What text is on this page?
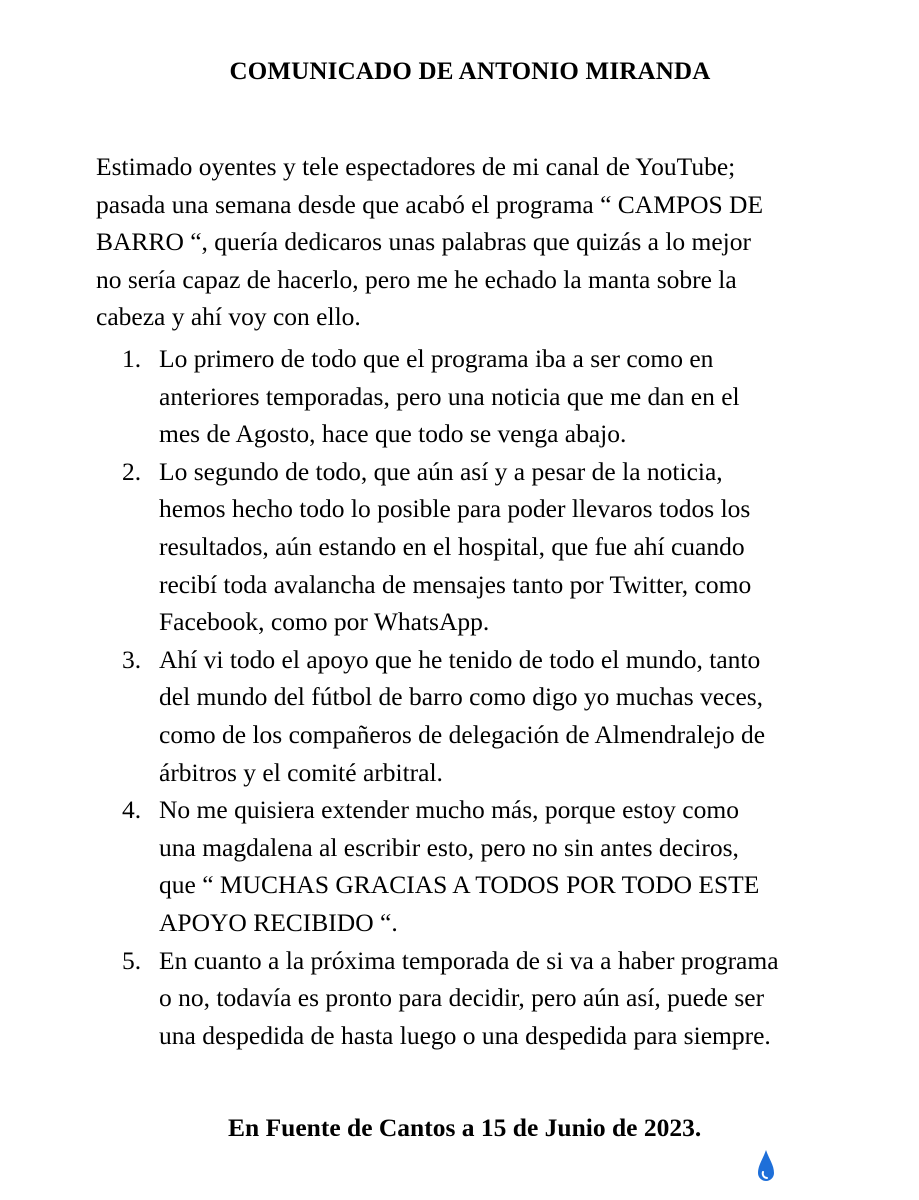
COMUNICADO DE ANTONIO MIRANDA
Estimado oyentes y tele espectadores de mi canal de YouTube;
pasada una semana desde que acabó el programa “ CAMPOS DE
BARRO “, quería dedicaros unas palabras que quizás a lo mejor
no sería capaz de hacerlo, pero me he echado la manta sobre la
cabeza y ahí voy con ello.
1. Lo primero de todo que el programa iba a ser como en
anteriores temporadas, pero una noticia que me dan en el
mes de Agosto, hace que todo se venga abajo.
2. Lo segundo de todo, que aún así y a pesar de la noticia,
hemos hecho todo lo posible para poder llevaros todos los
resultados, aún estando en el hospital, que fue ahí cuando
recibí toda avalancha de mensajes tanto por Twitter, como
Facebook, como por WhatsApp.
3. Ahí vi todo el apoyo que he tenido de todo el mundo, tanto
del mundo del fútbol de barro como digo yo muchas veces,
como de los compañeros de delegación de Almendralejo de
árbitros y el comité arbitral.
4. No me quisiera extender mucho más, porque estoy como
una magdalena al escribir esto, pero no sin antes deciros,
que “ MUCHAS GRACIAS A TODOS POR TODO ESTE
APOYO RECIBIDO “.
5. En cuanto a la próxima temporada de si va a haber programa
o no, todavía es pronto para decidir, pero aún así, puede ser
una despedida de hasta luego o una despedida para siempre.
En Fuente de Cantos a 15 de Junio de 2023.
